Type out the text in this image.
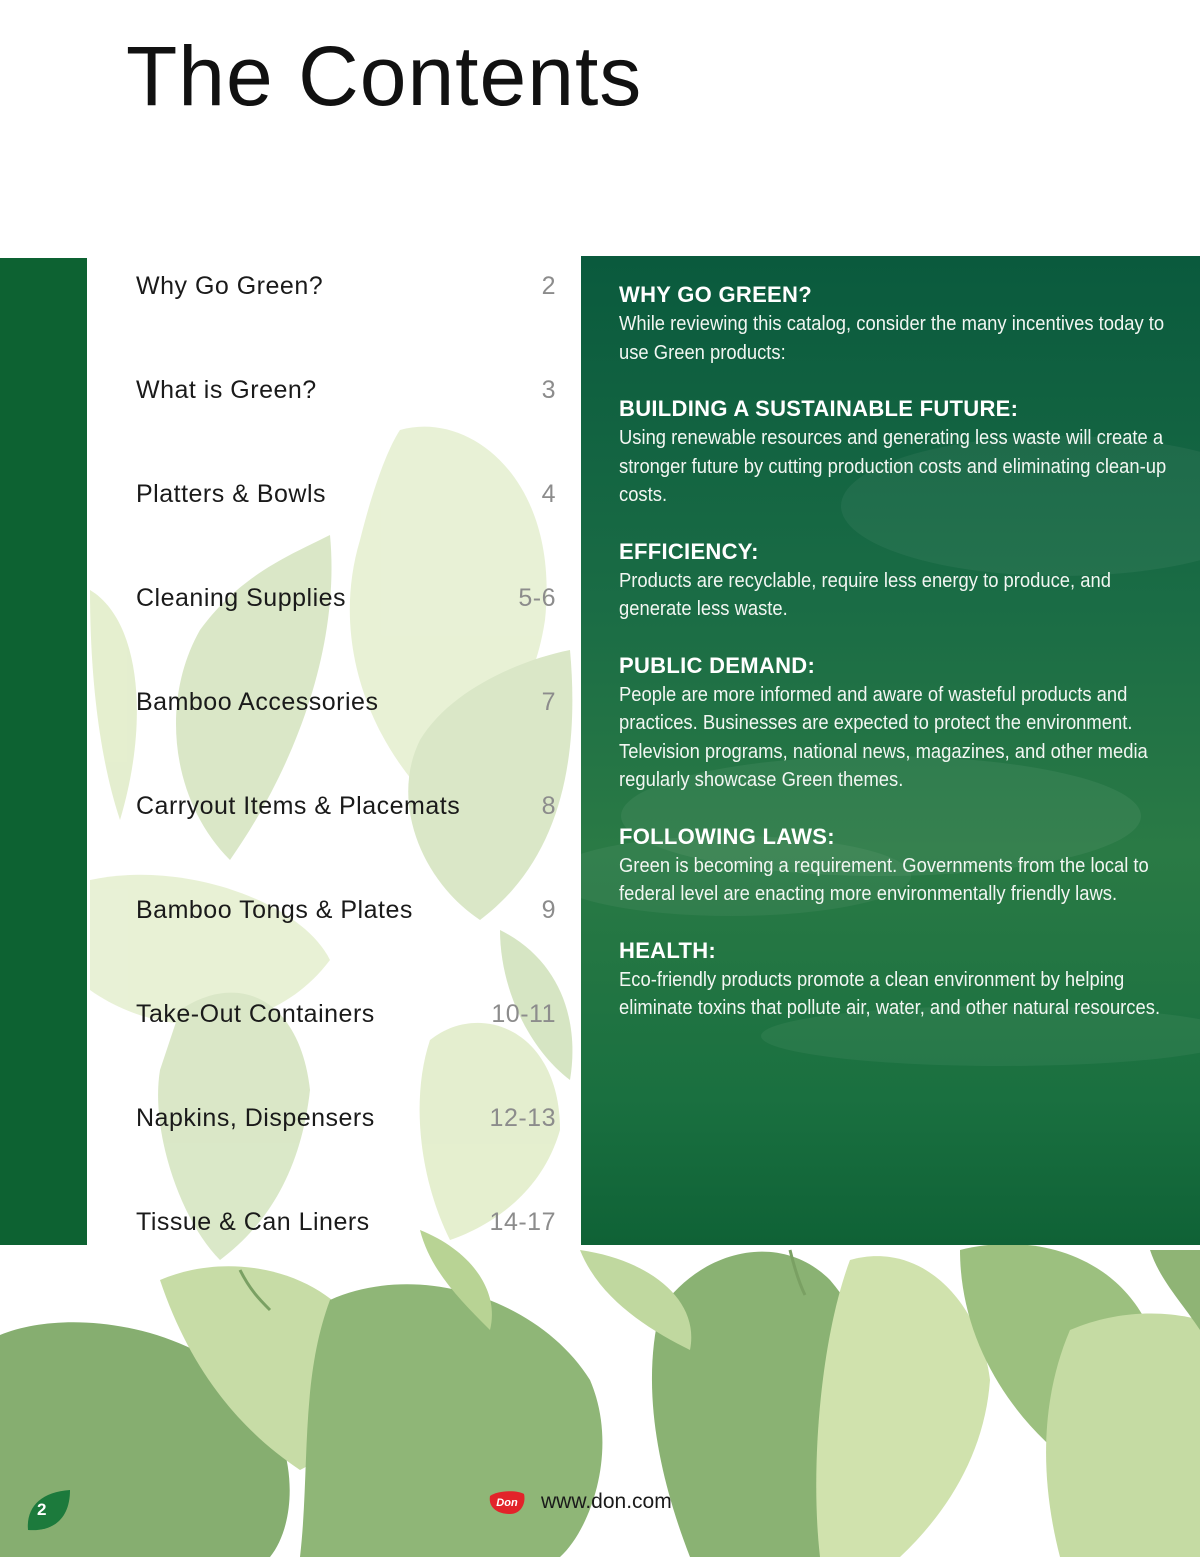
The Contents
Why Go Green?	2
What is Green?	3
Platters & Bowls	4
Cleaning Supplies	5-6
Bamboo Accessories	7
Carryout Items & Placemats	8
Bamboo Tongs & Plates	9
Take-Out Containers	10-11
Napkins, Dispensers	12-13
Tissue & Can Liners	14-17
WHY GO GREEN?

While reviewing this catalog, consider the many incentives today to use Green products:

BUILDING A SUSTAINABLE FUTURE:

Using renewable resources and generating less waste will create a stronger future by cutting production costs and eliminating clean-up costs.

EFFICIENCY:

Products are recyclable, require less energy to produce, and generate less waste.

PUBLIC DEMAND:

People are more informed and aware of wasteful products and practices. Businesses are expected to protect the environment. Television programs, national news, magazines, and other media regularly showcase Green themes.

FOLLOWING LAWS:

Green is becoming a requirement. Governments from the local to federal level are enacting more environmentally friendly laws.

HEALTH:

Eco-friendly products promote a clean environment by helping eliminate toxins that pollute air, water, and other natural resources.

2	Don www.don.com
